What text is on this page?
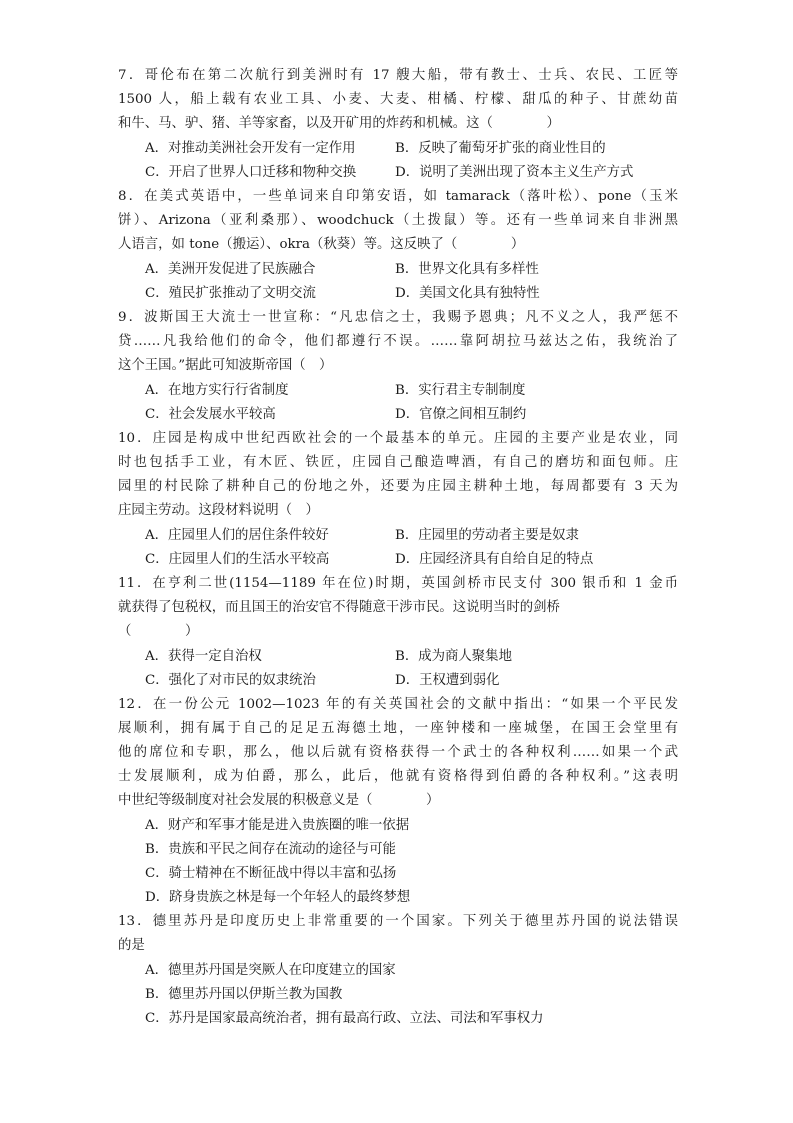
7．哥伦布在第二次航行到美洲时有 17 艘大船，带有教士、士兵、农民、工匠等
1500 人，船上载有农业工具、小麦、大麦、柑橘、柠檬、甜瓜的种子、甘蔗幼苗
和牛、马、驴、猪、羊等家畜，以及开矿用的炸药和机械。这（　　　　）
A．对推动美洲社会开发有一定作用	B．反映了葡萄牙扩张的商业性目的
C．开启了世界人口迁移和物种交换	D．说明了美洲出现了资本主义生产方式
8．在美式英语中，一些单词来自印第安语，如 tamarack（落叶松）、pone（玉米
饼）、Arizona（亚利桑那）、woodchuck（土拨鼠）等。还有一些单词来自非洲黑
人语言，如 tone（搬运）、okra（秋葵）等。这反映了（　　　　）
A．美洲开发促进了民族融合	B．世界文化具有多样性
C．殖民扩张推动了文明交流	D．美国文化具有独特性
9．波斯国王大流士一世宣称：“凡忠信之士，我赐予恩典；凡不义之人，我严惩不
贷……凡我给他们的命令，他们都遵行不误。……靠阿胡拉马兹达之佑，我统治了
这个王国。”据此可知波斯帝国（　）
A．在地方实行行省制度	B．实行君主专制制度
C．社会发展水平较高	D．官僚之间相互制约
10．庄园是构成中世纪西欧社会的一个最基本的单元。庄园的主要产业是农业，同
时也包括手工业，有木匠、铁匠，庄园自己酿造啤酒，有自己的磨坊和面包师。庄
园里的村民除了耕种自己的份地之外，还要为庄园主耕种土地，每周都要有 3 天为
庄园主劳动。这段材料说明（　）
A．庄园里人们的居住条件较好	B．庄园里的劳动者主要是奴隶
C．庄园里人们的生活水平较高	D．庄园经济具有自给自足的特点
11．在亨利二世(1154—1189 年在位)时期，英国剑桥市民支付 300 银币和 1 金币
就获得了包税权，而且国王的治安官不得随意干涉市民。这说明当时的剑桥
（　　　　）
A．获得一定自治权	B．成为商人聚集地
C．强化了对市民的奴隶统治	D．王权遭到弱化
12．在一份公元 1002—1023 年的有关英国社会的文献中指出：“如果一个平民发
展顺利，拥有属于自己的足足五海德土地，一座钟楼和一座城堡，在国王会堂里有
他的席位和专职，那么，他以后就有资格获得一个武士的各种权利……如果一个武
士发展顺利，成为伯爵，那么，此后，他就有资格得到伯爵的各种权利。”这表明
中世纪等级制度对社会发展的积极意义是（　　　　）
A．财产和军事才能是进入贵族圈的唯一依据
B．贵族和平民之间存在流动的途径与可能
C．骑士精神在不断征战中得以丰富和弘扬
D．跻身贵族之林是每一个年轻人的最终梦想
13．德里苏丹是印度历史上非常重要的一个国家。下列关于德里苏丹国的说法错误
的是
A．德里苏丹国是突厥人在印度建立的国家
B．德里苏丹国以伊斯兰教为国教
C．苏丹是国家最高统治者，拥有最高行政、立法、司法和军事权力
